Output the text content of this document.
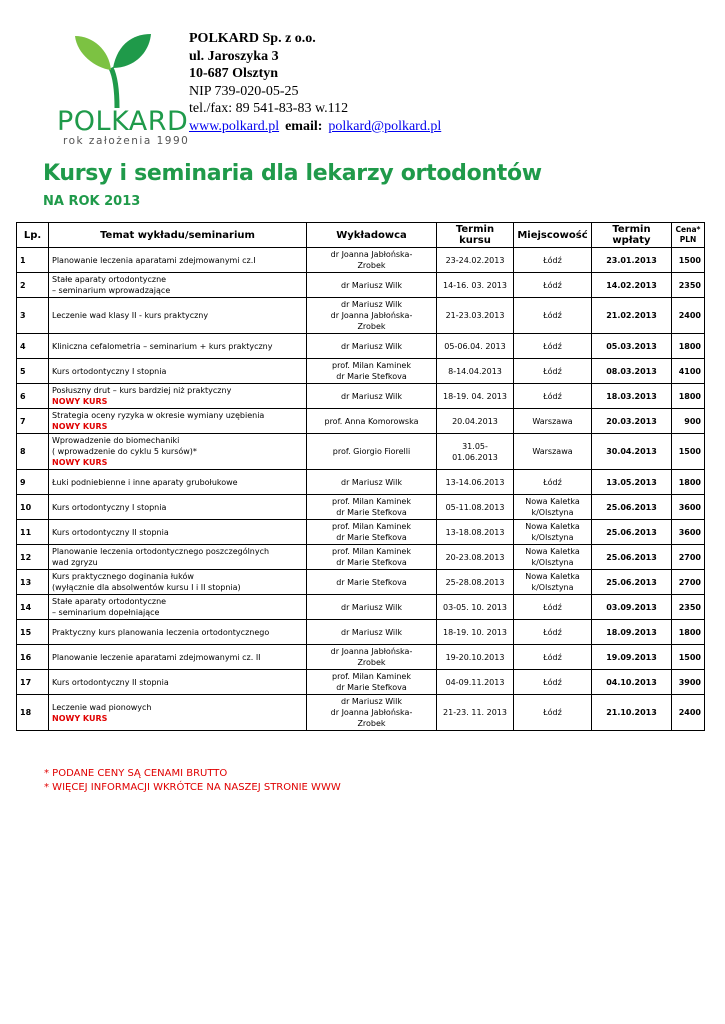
POLKARD
rok założenia 1990
POLKARD Sp. z o.o.
ul. Jaroszyka 3
10-687 Olsztyn
NIP 739-020-05-25
tel./fax: 89 541-83-83 w.112
www.polkard.pl email: polkard@polkard.pl
Kursy i seminaria dla lekarzy ortodontów
NA ROK 2013
Lp.	Temat wykładu/seminarium	Wykładowca	Termin kursu	Miejscowość	Termin wpłaty	Cena*
PLN

1	Planowanie leczenia aparatami zdejmowanymi cz.I	dr Joanna Jabłońska-
Zrobek	23-24.02.2013	Łódź	23.01.2013	1500
2	Stałe aparaty ortodontyczne
– seminarium wprowadzające	dr Mariusz Wilk	14-16. 03. 2013	Łódź	14.02.2013	2350
3	Leczenie wad klasy II - kurs praktyczny	dr Mariusz Wilk
dr Joanna Jabłońska-
Zrobek	21-23.03.2013	Łódź	21.02.2013	2400
4	Kliniczna cefalometria – seminarium + kurs praktyczny	dr Mariusz Wilk	05-06.04. 2013	Łódź	05.03.2013	1800
5	Kurs ortodontyczny I stopnia	prof. Milan Kaminek
dr Marie Stefkova	8-14.04.2013	Łódź	08.03.2013	4100
6	Posłuszny drut – kurs bardziej niż praktyczny
NOWY KURS	dr Mariusz Wilk	18-19. 04. 2013	Łódź	18.03.2013	1800
7	Strategia oceny ryzyka w okresie wymiany uzębienia
NOWY KURS	prof. Anna Komorowska	20.04.2013	Warszawa	20.03.2013	900
8	Wprowadzenie do biomechaniki
( wprowadzenie do cyklu 5 kursów)*
NOWY KURS	prof. Giorgio Fiorelli	31.05-
01.06.2013	Warszawa	30.04.2013	1500
9	Łuki podniebienne i inne aparaty grubołukowe	dr Mariusz Wilk	13-14.06.2013	Łódź	13.05.2013	1800
10	Kurs ortodontyczny I stopnia	prof. Milan Kaminek
dr Marie Stefkova	05-11.08.2013	Nowa Kaletka
k/Olsztyna	25.06.2013	3600
11	Kurs ortodontyczny II stopnia	prof. Milan Kaminek
dr Marie Stefkova	13-18.08.2013	Nowa Kaletka
k/Olsztyna	25.06.2013	3600
12	Planowanie leczenia ortodontycznego poszczególnych
wad zgryzu	prof. Milan Kaminek
dr Marie Stefkova	20-23.08.2013	Nowa Kaletka
k/Olsztyna	25.06.2013	2700
13	Kurs praktycznego doginania łuków
(wyłącznie dla absolwentów kursu I i II stopnia)	dr Marie Stefkova	25-28.08.2013	Nowa Kaletka
k/Olsztyna	25.06.2013	2700
14	Stałe aparaty ortodontyczne
– seminarium dopełniające	dr Mariusz Wilk	03-05. 10. 2013	Łódź	03.09.2013	2350
15	Praktyczny kurs planowania leczenia ortodontycznego	dr Mariusz Wilk	18-19. 10. 2013	Łódź	18.09.2013	1800
16	Planowanie leczenie aparatami zdejmowanymi cz. II	dr Joanna Jabłońska-
Zrobek	19-20.10.2013	Łódź	19.09.2013	1500
17	Kurs ortodontyczny II stopnia	prof. Milan Kaminek
dr Marie Stefkova	04-09.11.2013	Łódź	04.10.2013	3900
18	Leczenie wad pionowych
NOWY KURS	dr Mariusz Wilk
dr Joanna Jabłońska-
Zrobek	21-23. 11. 2013	Łódź	21.10.2013	2400
* PODANE CENY SĄ CENAMI BRUTTO
* WIĘCEJ INFORMACJI WKRÓTCE NA NASZEJ STRONIE WWW
